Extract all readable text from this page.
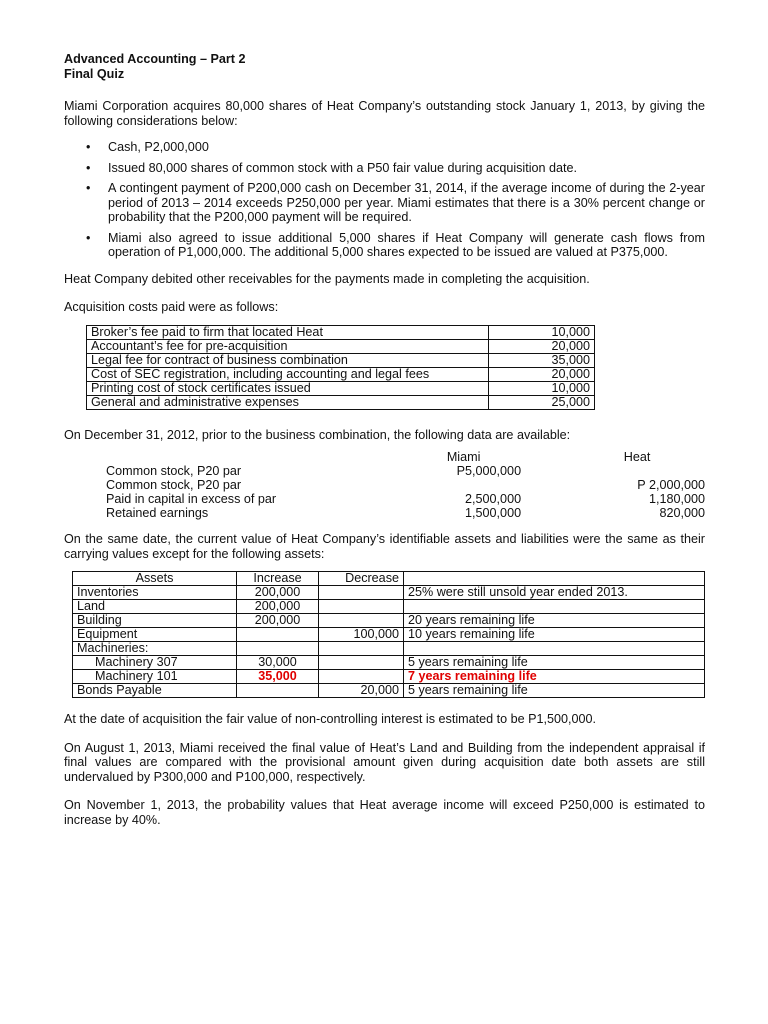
Advanced Accounting – Part 2

Final Quiz

Miami Corporation acquires 80,000 shares of Heat Company’s outstanding stock January 1, 2013, by giving the following considerations below:

• Cash, P2,000,000
• Issued 80,000 shares of common stock with a P50 fair value during acquisition date.
• A contingent payment of P200,000 cash on December 31, 2014, if the average income of during the 2-year period of 2013 – 2014 exceeds P250,000 per year. Miami estimates that there is a 30% percent change or probability that the P200,000 payment will be required.
• Miami also agreed to issue additional 5,000 shares if Heat Company will generate cash flows from operation of P1,000,000. The additional 5,000 shares expected to be issued are valued at P375,000.

Heat Company debited other receivables for the payments made in completing the acquisition.

Acquisition costs paid were as follows:

Broker’s fee paid to firm that located Heat	10,000
Accountant’s fee for pre-acquisition	20,000
Legal fee for contract of business combination	35,000
Cost of SEC registration, including accounting and legal fees	20,000
Printing cost of stock certificates issued	10,000
General and administrative expenses	25,000

On December 31, 2012, prior to the business combination, the following data are available:

	Miami	Heat
Common stock, P20 par	P5,000,000	
Common stock, P20 par		P 2,000,000
Paid in capital in excess of par	2,500,000	1,180,000
Retained earnings	1,500,000	820,000

On the same date, the current value of Heat Company’s identifiable assets and liabilities were the same as their carrying values except for the following assets:

Assets	Increase	Decrease	
Inventories	200,000		25% were still unsold year ended 2013.
Land	200,000		
Building	200,000		20 years remaining life
Equipment		100,000	10 years remaining life
Machineries:			
Machinery 307	30,000		5 years remaining life
Machinery 101	35,000		7 years remaining life
Bonds Payable		20,000	5 years remaining life

At the date of acquisition the fair value of non-controlling interest is estimated to be P1,500,000.

On August 1, 2013, Miami received the final value of Heat’s Land and Building from the independent appraisal if final values are compared with the provisional amount given during acquisition date both assets are still undervalued by P300,000 and P100,000, respectively.

On November 1, 2013, the probability values that Heat average income will exceed P250,000 is estimated to increase by 40%.
